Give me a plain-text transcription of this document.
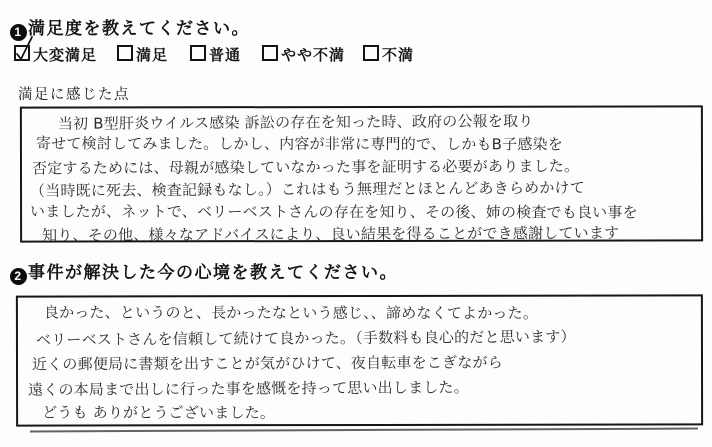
1 満足度を教えてください。
大変満足	満足	普通	やや不満	不満
満足に感じた点
当初 B型肝炎ウイルス感染 訴訟の存在を知った時、政府の公報を取り
寄せて検討してみました。しかし、内容が非常に専門的で、しかもB子感染を
否定するためには、母親が感染していなかった事を証明する必要がありました。
（当時既に死去、検査記録もなし。）これはもう無理だとほとんどあきらめかけて
いましたが、ネットで、ベリーベストさんの存在を知り、その後、姉の検査でも良い事を
知り、その他、様々なアドバイスにより、良い結果を得ることができ感謝しています
2 事件が解決した今の心境を教えてください。
良かった、というのと、長かったなという感じ、、諦めなくてよかった。
ベリーベストさんを信頼して続けて良かった。（手数料も良心的だと思います）
近くの郵便局に書類を出すことが気がひけて、夜自転車をこぎながら
遠くの本局まで出しに行った事を感慨を持って思い出しました。
どうも ありがとうございました。
